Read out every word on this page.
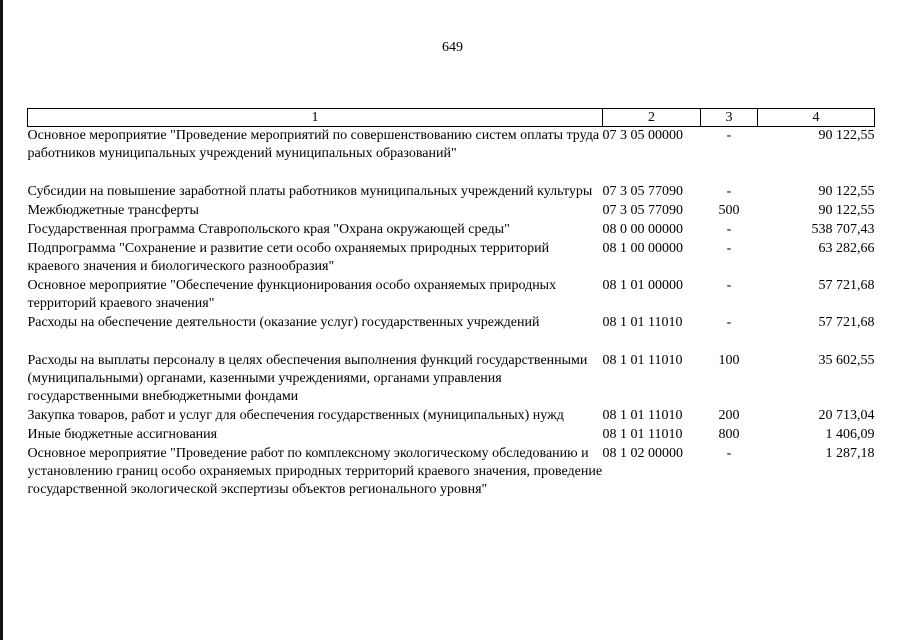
649
1	2	3	4
Основное мероприятие "Проведение мероприятий по совершенствованию систем оплаты труда работников муниципальных учреждений муниципальных образований"	07 3 05 00000	-	90 122,55
Субсидии на повышение заработной платы работников муниципальных учреждений культуры	07 3 05 77090	-	90 122,55
Межбюджетные трансферты	07 3 05 77090	500	90 122,55
Государственная программа Ставропольского края "Охрана окружающей среды"	08 0 00 00000	-	538 707,43
Подпрограмма "Сохранение и развитие сети особо охраняемых природных территорий краевого значения и биологического разнообразия"	08 1 00 00000	-	63 282,66
Основное мероприятие "Обеспечение функционирования особо охраняемых природных территорий краевого значения"	08 1 01 00000	-	57 721,68
Расходы на обеспечение деятельности (оказание услуг) государственных учреждений	08 1 01 11010	-	57 721,68
Расходы на выплаты персоналу в целях обеспечения выполнения функций государственными (муниципальными) органами, казенными учреждениями, органами управления государственными внебюджетными фондами	08 1 01 11010	100	35 602,55
Закупка товаров, работ и услуг для обеспечения государственных (муниципальных) нужд	08 1 01 11010	200	20 713,04
Иные бюджетные ассигнования	08 1 01 11010	800	1 406,09
Основное мероприятие "Проведение работ по комплексному экологическому обследованию и установлению границ особо охраняемых природных территорий краевого значения, проведение государственной экологической экспертизы объектов регионального уровня"	08 1 02 00000	-	1 287,18
